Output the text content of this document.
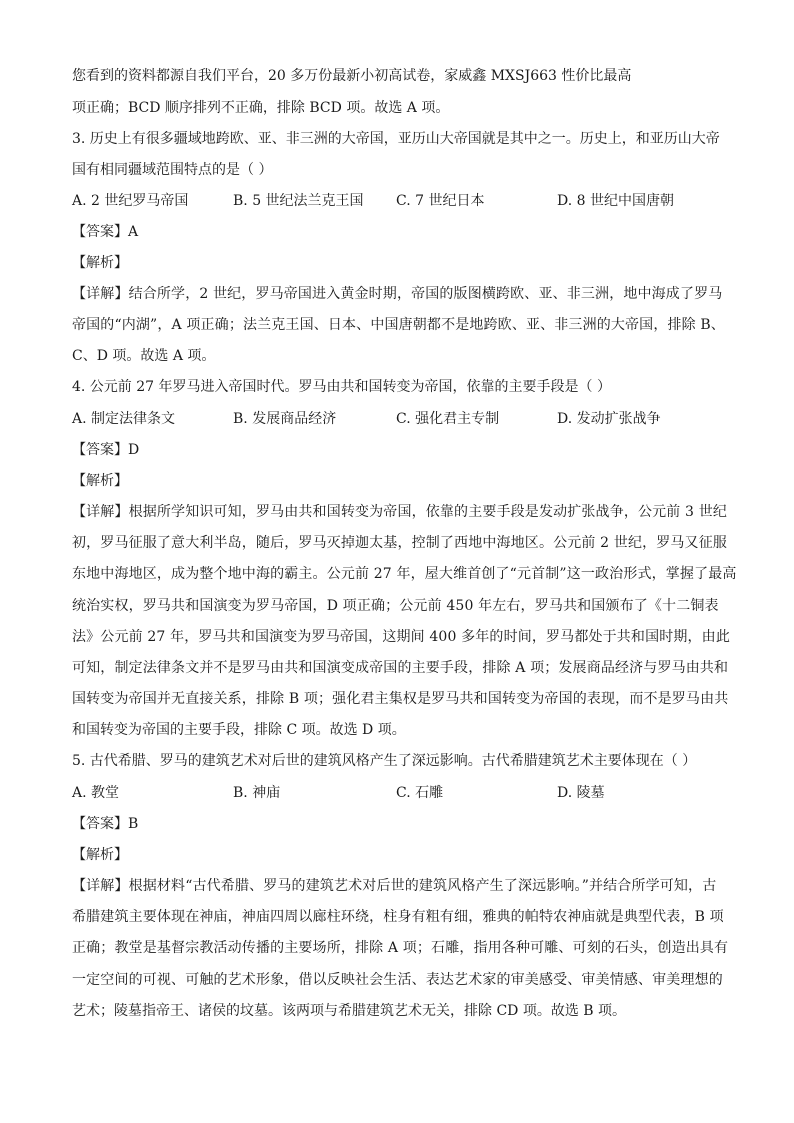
您看到的资料都源自我们平台，20 多万份最新小初高试卷，家威鑫 MXSJ663 性价比最高
项正确；BCD 顺序排列不正确，排除 BCD 项。故选 A 项。
3. 历史上有很多疆域地跨欧、亚、非三洲的大帝国，亚历山大帝国就是其中之一。历史上，和亚历山大帝
国有相同疆域范围特点的是（ ）
A. 2 世纪罗马帝国	B. 5 世纪法兰克王国 C. 7 世纪日本	D. 8 世纪中国唐朝
【答案】A
【解析】
【详解】结合所学，2 世纪，罗马帝国进入黄金时期，帝国的版图横跨欧、亚、非三洲，地中海成了罗马
帝国的“内湖”，A 项正确；法兰克王国、日本、中国唐朝都不是地跨欧、亚、非三洲的大帝国，排除 B、
C、D 项。故选 A 项。
4. 公元前 27 年罗马进入帝国时代。罗马由共和国转变为帝国，依靠的主要手段是（ ）
A. 制定法律条文	B. 发展商品经济	C. 强化君主专制	D. 发动扩张战争
【答案】D
【解析】
【详解】根据所学知识可知，罗马由共和国转变为帝国，依靠的主要手段是发动扩张战争，公元前 3 世纪
初，罗马征服了意大利半岛，随后，罗马灭掉迦太基，控制了西地中海地区。公元前 2 世纪，罗马又征服
东地中海地区，成为整个地中海的霸主。公元前 27 年，屋大维首创了“元首制”这一政治形式，掌握了最高
统治实权，罗马共和国演变为罗马帝国，D 项正确；公元前 450 年左右，罗马共和国颁布了《十二铜表
法》公元前 27 年，罗马共和国演变为罗马帝国，这期间 400 多年的时间，罗马都处于共和国时期，由此
可知，制定法律条文并不是罗马由共和国演变成帝国的主要手段，排除 A 项；发展商品经济与罗马由共和
国转变为帝国并无直接关系，排除 B 项；强化君主集权是罗马共和国转变为帝国的表现，而不是罗马由共
和国转变为帝国的主要手段，排除 C 项。故选 D 项。
5. 古代希腊、罗马的建筑艺术对后世的建筑风格产生了深远影响。古代希腊建筑艺术主要体现在（ ）
A. 教堂	B. 神庙	C. 石雕	D. 陵墓
【答案】B
【解析】
【详解】根据材料“古代希腊、罗马的建筑艺术对后世的建筑风格产生了深远影响。”并结合所学可知，古
希腊建筑主要体现在神庙，神庙四周以廊柱环绕，柱身有粗有细，雅典的帕特农神庙就是典型代表，B 项
正确；教堂是基督宗教活动传播的主要场所，排除 A 项；石雕，指用各种可雕、可刻的石头，创造出具有
一定空间的可视、可触的艺术形象，借以反映社会生活、表达艺术家的审美感受、审美情感、审美理想的
艺术；陵墓指帝王、诸侯的坟墓。该两项与希腊建筑艺术无关，排除 CD 项。故选 B 项。
